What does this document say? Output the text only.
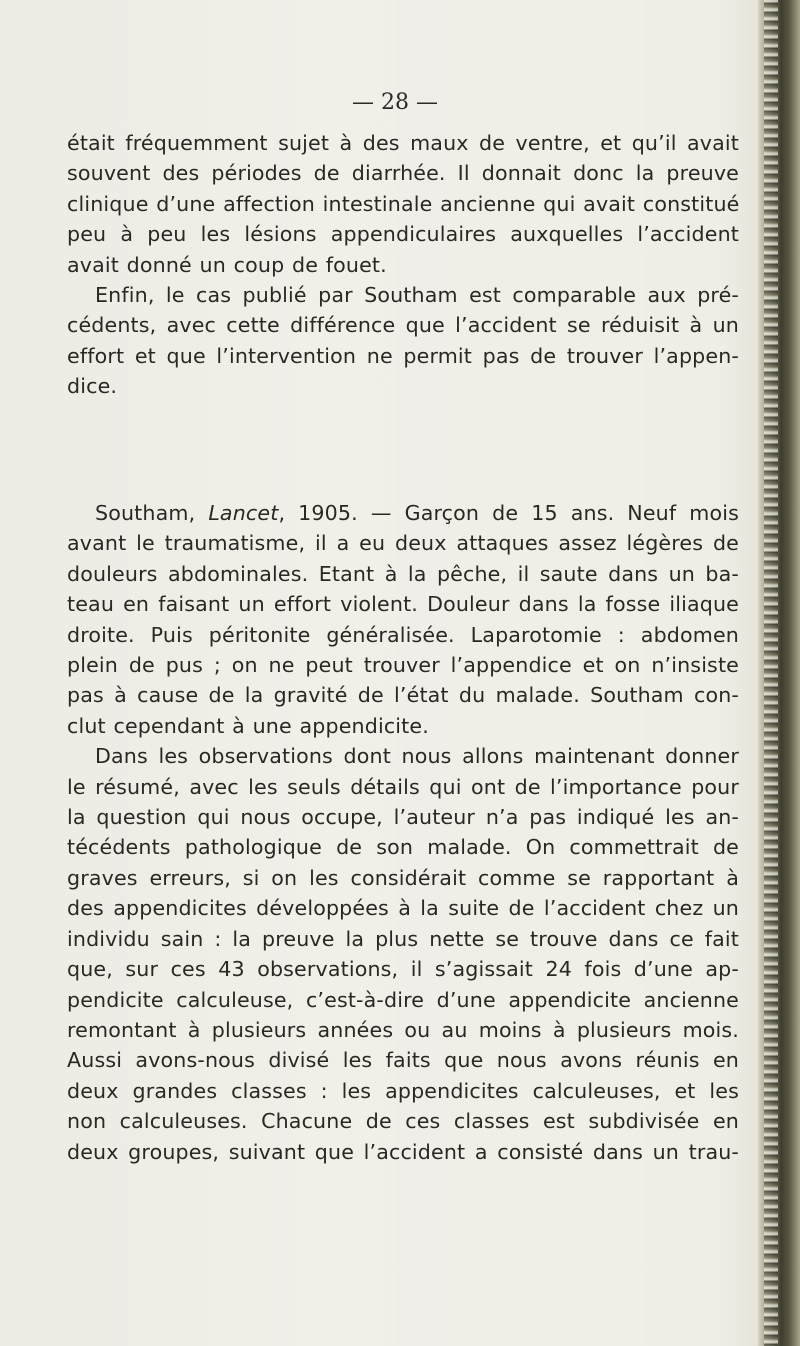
— 28 —
était fréquemment sujet à des maux de ventre, et qu’il avait
souvent des périodes de diarrhée. Il donnait donc la preuve
clinique d’une affection intestinale ancienne qui avait constitué
peu à peu les lésions appendiculaires auxquelles l’accident
avait donné un coup de fouet.
Enfin, le cas publié par Southam est comparable aux pré-
cédents, avec cette différence que l’accident se réduisit à un
effort et que l’intervention ne permit pas de trouver l’appen-
dice.
Southam, Lancet, 1905. — Garçon de 15 ans. Neuf mois
avant le traumatisme, il a eu deux attaques assez légères de
douleurs abdominales. Etant à la pêche, il saute dans un ba-
teau en faisant un effort violent. Douleur dans la fosse iliaque
droite. Puis péritonite généralisée. Laparotomie : abdomen
plein de pus ; on ne peut trouver l’appendice et on n’insiste
pas à cause de la gravité de l’état du malade. Southam con-
clut cependant à une appendicite.
Dans les observations dont nous allons maintenant donner
le résumé, avec les seuls détails qui ont de l’importance pour
la question qui nous occupe, l’auteur n’a pas indiqué les an-
técédents pathologique de son malade. On commettrait de
graves erreurs, si on les considérait comme se rapportant à
des appendicites développées à la suite de l’accident chez un
individu sain : la preuve la plus nette se trouve dans ce fait
que, sur ces 43 observations, il s’agissait 24 fois d’une ap-
pendicite calculeuse, c’est-à-dire d’une appendicite ancienne
remontant à plusieurs années ou au moins à plusieurs mois.
Aussi avons-nous divisé les faits que nous avons réunis en
deux grandes classes : les appendicites calculeuses, et les
non calculeuses. Chacune de ces classes est subdivisée en
deux groupes, suivant que l’accident a consisté dans un trau-
